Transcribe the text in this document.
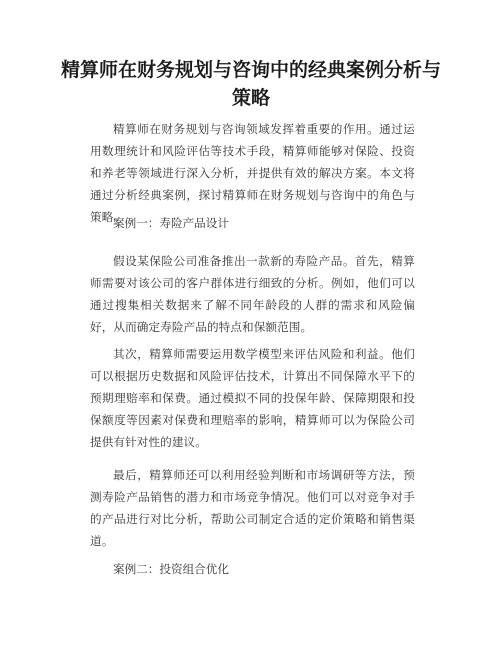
精算师在财务规划与咨询中的经典案例分析与策略

精算师在财务规划与咨询领域发挥着重要的作用。通过运用数理统计和风险评估等技术手段，精算师能够对保险、投资和养老等领域进行深入分析，并提供有效的解决方案。本文将通过分析经典案例，探讨精算师在财务规划与咨询中的角色与策略。

案例一：寿险产品设计

假设某保险公司准备推出一款新的寿险产品。首先，精算师需要对该公司的客户群体进行细致的分析。例如，他们可以通过搜集相关数据来了解不同年龄段的人群的需求和风险偏好，从而确定寿险产品的特点和保额范围。

其次，精算师需要运用数学模型来评估风险和利益。他们可以根据历史数据和风险评估技术，计算出不同保障水平下的预期理赔率和保费。通过模拟不同的投保年龄、保障期限和投保额度等因素对保费和理赔率的影响，精算师可以为保险公司提供有针对性的建议。

最后，精算师还可以利用经验判断和市场调研等方法，预测寿险产品销售的潜力和市场竞争情况。他们可以对竞争对手的产品进行对比分析，帮助公司制定合适的定价策略和销售渠道。

案例二：投资组合优化
